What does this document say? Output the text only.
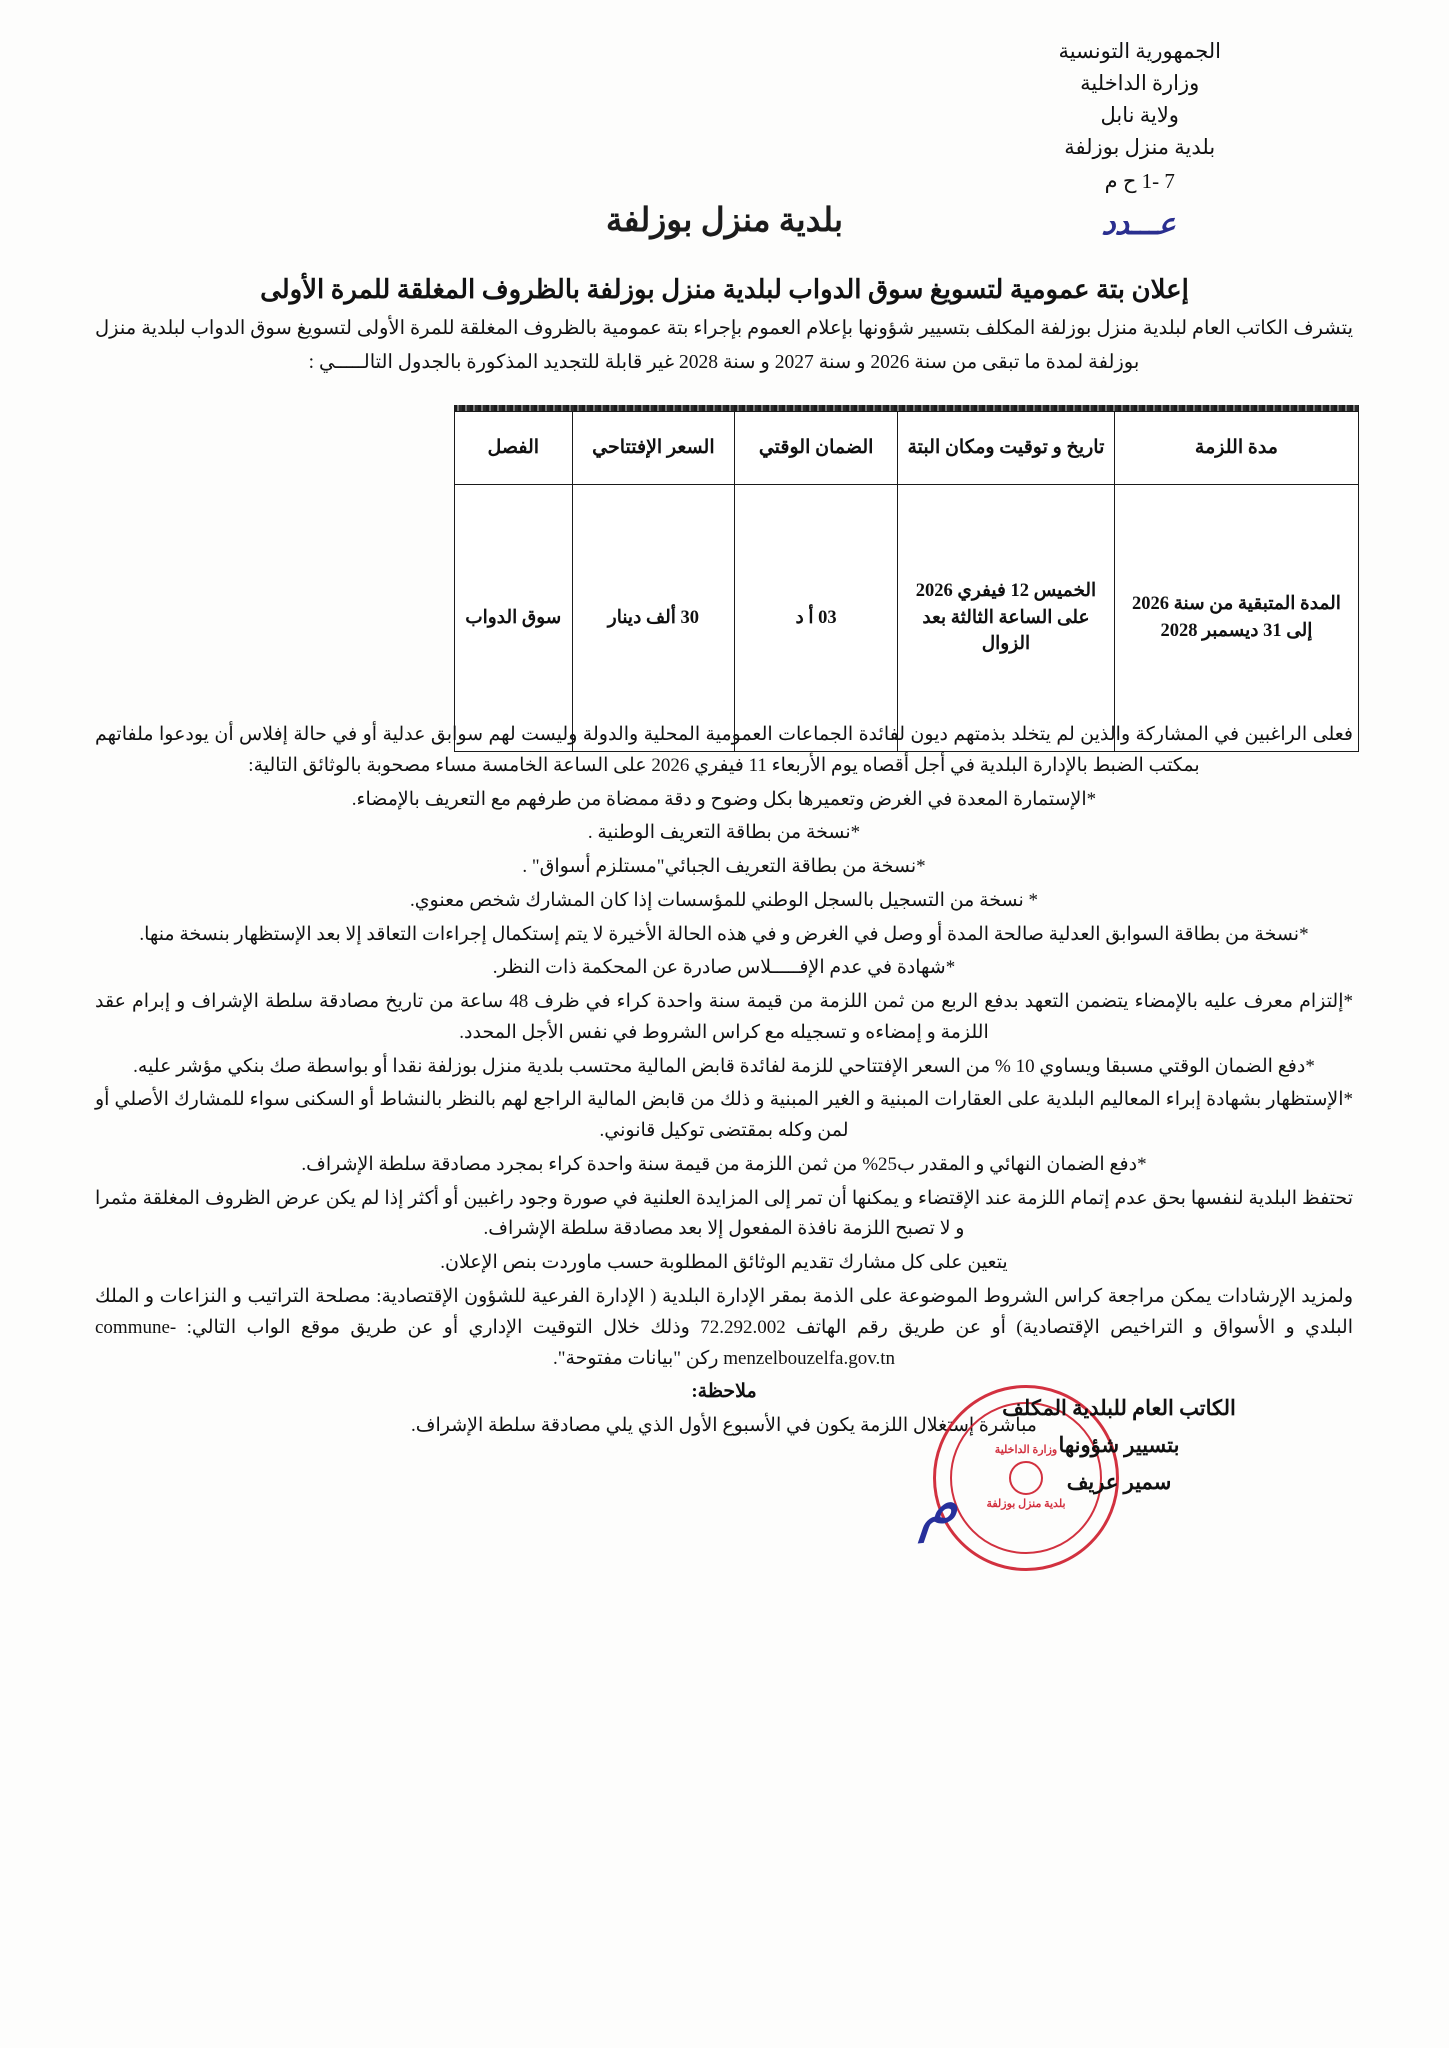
الجمهورية التونسية
وزارة الداخلية
ولاية نابل
بلدية منزل بوزلفة
7 -1 ح م
عـــدد
بلدية منزل بوزلفة
إعلان بتة عمومية لتسويغ سوق الدواب لبلدية منزل بوزلفة بالظروف المغلقة للمرة الأولى
يتشرف الكاتب العام لبلدية منزل بوزلفة المكلف بتسيير شؤونها بإعلام العموم بإجراء بتة عمومية بالظروف المغلقة للمرة الأولى لتسويغ سوق الدواب لبلدية منزل بوزلفة لمدة ما تبقى من سنة 2026 و سنة 2027 و سنة 2028 غير قابلة للتجديد المذكورة بالجدول التالـــــي :
مدة اللزمة	تاريخ و توقيت ومكان البتة	الضمان الوقتي	السعر الإفتتاحي	الفصل
المدة المتبقية من سنة 2026 إلى 31 ديسمبر 2028	الخميس 12 فيفري 2026 على الساعة الثالثة بعد الزوال	03 أ د	30 ألف دينار	سوق الدواب

فعلى الراغبين في المشاركة والذين لم يتخلد بذمتهم ديون لفائدة الجماعات العمومية المحلية والدولة وليست لهم سوابق عدلية أو في حالة إفلاس أن يودعوا ملفاتهم بمكتب الضبط بالإدارة البلدية في أجل أقصاه يوم الأربعاء 11 فيفري 2026 على الساعة الخامسة مساء مصحوبة بالوثائق التالية:

*الإستمارة المعدة في الغرض وتعميرها بكل وضوح و دقة ممضاة من طرفهم مع التعريف بالإمضاء.

*نسخة من بطاقة التعريف الوطنية .

*نسخة من بطاقة التعريف الجبائي"مستلزم أسواق" .

* نسخة من التسجيل بالسجل الوطني للمؤسسات إذا كان المشارك شخص معنوي.

*نسخة من بطاقة السوابق العدلية صالحة المدة أو وصل في الغرض و في هذه الحالة الأخيرة لا يتم إستكمال إجراءات التعاقد إلا بعد الإستظهار بنسخة منها.

*شهادة في عدم الإفـــــلاس صادرة عن المحكمة ذات النظر.

*إلتزام معرف عليه بالإمضاء يتضمن التعهد بدفع الربع من ثمن اللزمة من قيمة سنة واحدة كراء في ظرف 48 ساعة من تاريخ مصادقة سلطة الإشراف و إبرام عقد اللزمة و إمضاءه و تسجيله مع كراس الشروط في نفس الأجل المحدد.

*دفع الضمان الوقتي مسبقا ويساوي 10 % من السعر الإفتتاحي للزمة لفائدة قابض المالية محتسب بلدية منزل بوزلفة نقدا أو بواسطة صك بنكي مؤشر عليه.

*الإستظهار بشهادة إبراء المعاليم البلدية على العقارات المبنية و الغير المبنية و ذلك من قابض المالية الراجع لهم بالنظر بالنشاط أو السكنى سواء للمشارك الأصلي أو لمن وكله بمقتضى توكيل قانوني.

*دفع الضمان النهائي و المقدر ب25% من ثمن اللزمة من قيمة سنة واحدة كراء بمجرد مصادقة سلطة الإشراف.

تحتفظ البلدية لنفسها بحق عدم إتمام اللزمة عند الإقتضاء و يمكنها أن تمر إلى المزايدة العلنية في صورة وجود راغبين أو أكثر إذا لم يكن عرض الظروف المغلقة مثمرا و لا تصبح اللزمة نافذة المفعول إلا بعد مصادقة سلطة الإشراف.

يتعين على كل مشارك تقديم الوثائق المطلوبة حسب ماوردت بنص الإعلان.

ولمزيد الإرشادات يمكن مراجعة كراس الشروط الموضوعة على الذمة بمقر الإدارة البلدية ( الإدارة الفرعية للشؤون الإقتصادية: مصلحة التراتيب و النزاعات و الملك البلدي و الأسواق و التراخيص الإقتصادية) أو عن طريق رقم الهاتف 72.292.002 وذلك خلال التوقيت الإداري أو عن طريق موقع الواب التالي: commune-menzelbouzelfa.gov.tn ركن "بيانات مفتوحة".

ملاحظة:

مباشرة إستغلال اللزمة يكون في الأسبوع الأول الذي يلي مصادقة سلطة الإشراف.

وزارة الداخلية
بلدية منزل بوزلفة
الكاتب العام للبلدية المكلف
بتسيير شؤونها
سمير عريف
ﻡ
